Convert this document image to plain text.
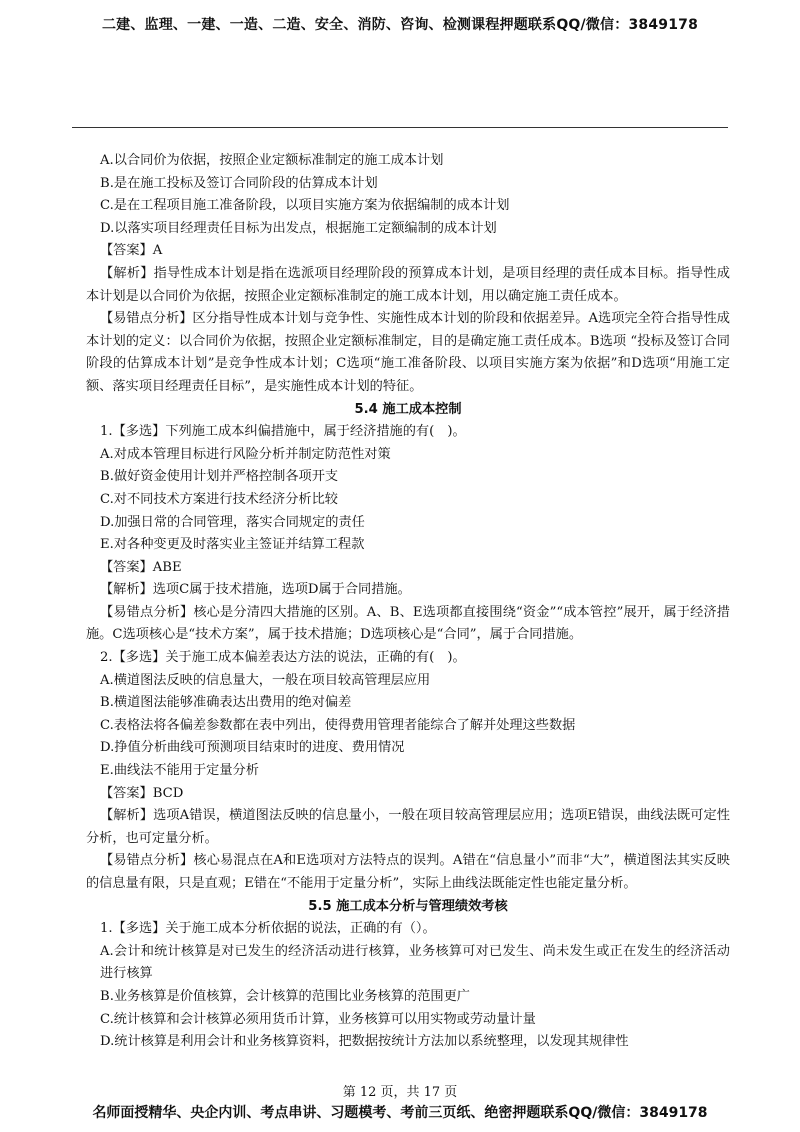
二建、监理、一建、一造、二造、安全、消防、咨询、检测课程押题联系QQ/微信：3849178

A.以合同价为依据，按照企业定额标准制定的施工成本计划

B.是在施工投标及签订合同阶段的估算成本计划

C.是在工程项目施工准备阶段，以项目实施方案为依据编制的成本计划

D.以落实项目经理责任目标为出发点，根据施工定额编制的成本计划

【答案】A

【解析】指导性成本计划是指在选派项目经理阶段的预算成本计划，是项目经理的责任成本目标。指导性成本计划是以合同价为依据，按照企业定额标准制定的施工成本计划，用以确定施工责任成本。

【易错点分析】区分指导性成本计划与竞争性、实施性成本计划的阶段和依据差异。A选项完全符合指导性成本计划的定义：以合同价为依据，按照企业定额标准制定，目的是确定施工责任成本。B选项 “投标及签订合同阶段的估算成本计划”是竞争性成本计划；C选项“施工准备阶段、以项目实施方案为依据”和D选项“用施工定额、落实项目经理责任目标”，是实施性成本计划的特征。

5.4 施工成本控制

1.【多选】下列施工成本纠偏措施中，属于经济措施的有(　)。

A.对成本管理目标进行风险分析并制定防范性对策

B.做好资金使用计划并严格控制各项开支

C.对不同技术方案进行技术经济分析比较

D.加强日常的合同管理，落实合同规定的责任

E.对各种变更及时落实业主签证并结算工程款

【答案】ABE

【解析】选项C属于技术措施，选项D属于合同措施。

【易错点分析】核心是分清四大措施的区别。A、B、E选项都直接围绕“资金”“成本管控”展开，属于经济措施。C选项核心是“技术方案”，属于技术措施；D选项核心是“合同”，属于合同措施。

2.【多选】关于施工成本偏差表达方法的说法，正确的有(　)。

A.横道图法反映的信息量大，一般在项目较高管理层应用

B.横道图法能够准确表达出费用的绝对偏差

C.表格法将各偏差参数都在表中列出，使得费用管理者能综合了解并处理这些数据

D.挣值分析曲线可预测项目结束时的进度、费用情况

E.曲线法不能用于定量分析

【答案】BCD

【解析】选项A错误，横道图法反映的信息量小，一般在项目较高管理层应用；选项E错误，曲线法既可定性分析，也可定量分析。

【易错点分析】核心易混点在A和E选项对方法特点的误判。A错在“信息量小”而非“大”，横道图法其实反映的信息量有限，只是直观；E错在“不能用于定量分析”，实际上曲线法既能定性也能定量分析。

5.5 施工成本分析与管理绩效考核

1.【多选】关于施工成本分析依据的说法，正确的有（）。

A.会计和统计核算是对已发生的经济活动进行核算，业务核算可对已发生、尚未发生或正在发生的经济活动进行核算

B.业务核算是价值核算，会计核算的范围比业务核算的范围更广

C.统计核算和会计核算必须用货币计算，业务核算可以用实物或劳动量计量

D.统计核算是利用会计和业务核算资料，把数据按统计方法加以系统整理，以发现其规律性

第 12 页，共 17 页
名师面授精华、央企内训、考点串讲、习题模考、考前三页纸、绝密押题联系QQ/微信：3849178
